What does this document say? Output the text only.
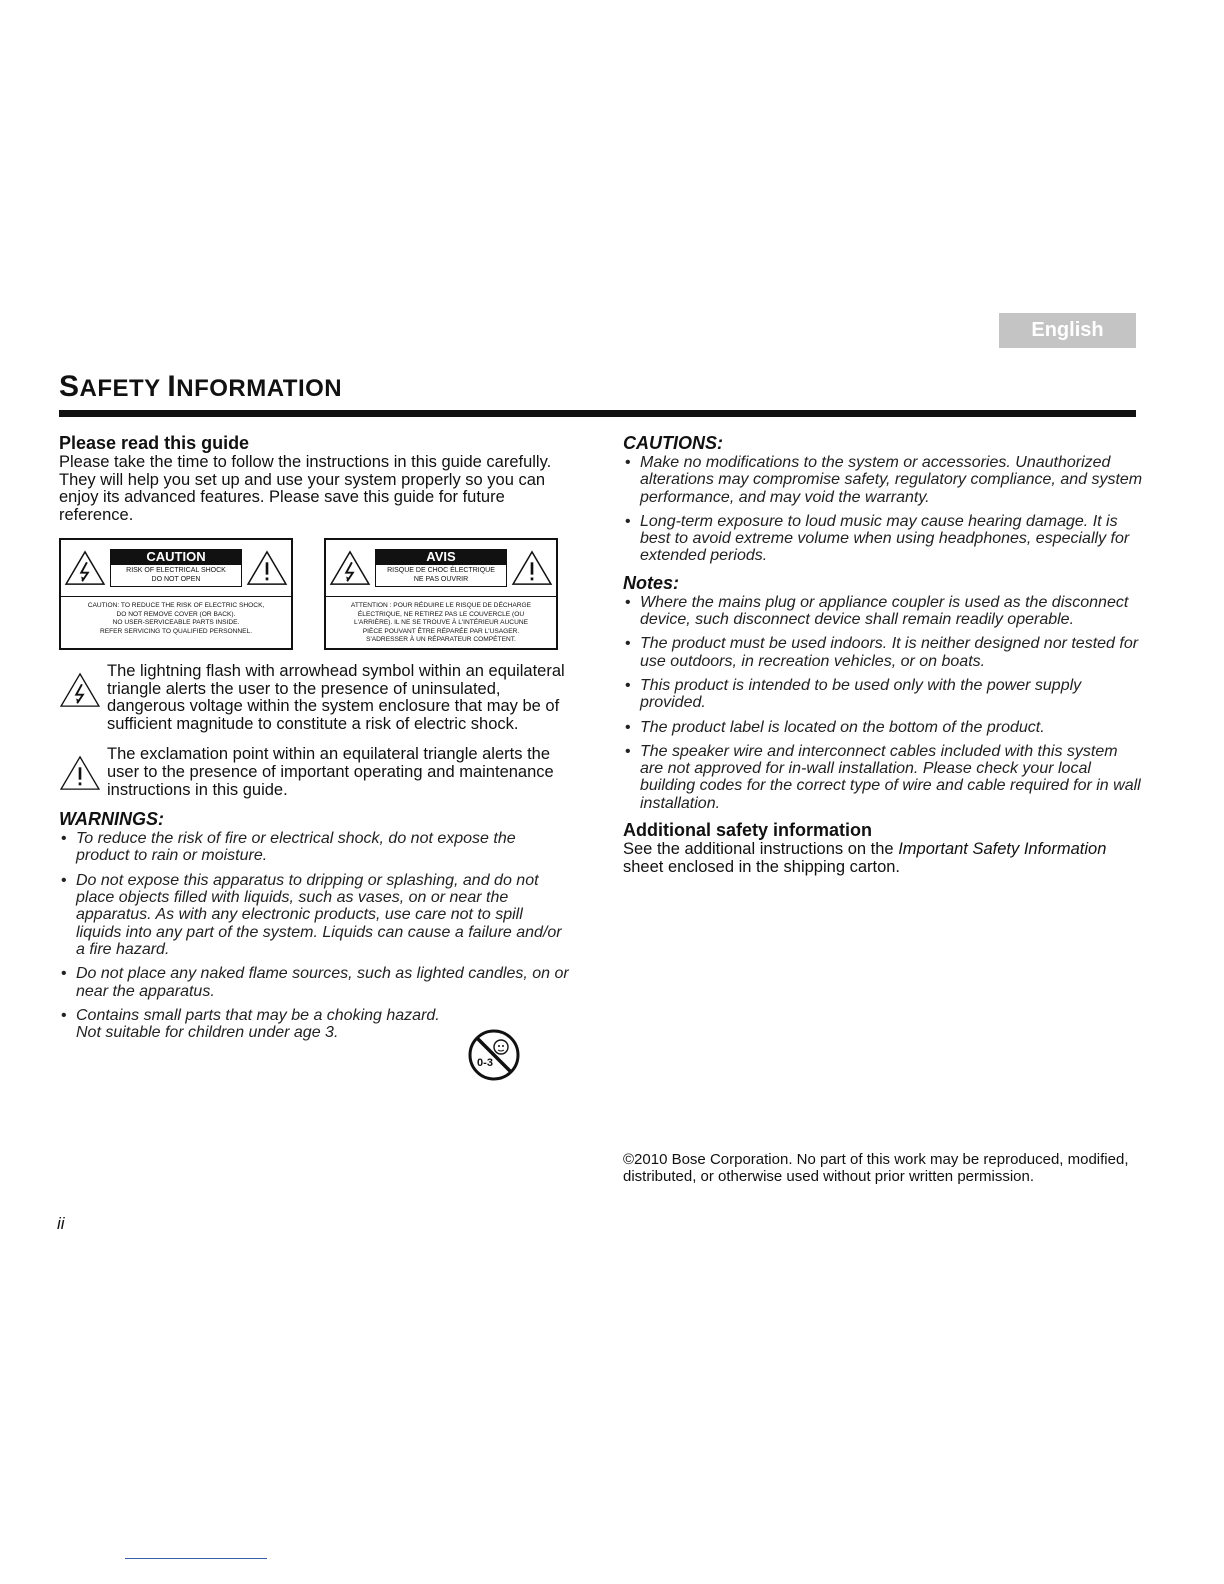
English
SAFETY INFORMATION
Please read this guide

Please take the time to follow the instructions in this guide carefully. They will help you set up and use your system properly so you can enjoy its advanced features. Please save this guide for future reference.

CAUTION
RISK OF ELECTRICAL SHOCK
DO NOT OPEN
CAUTION: TO REDUCE THE RISK OF ELECTRIC SHOCK,
DO NOT REMOVE COVER (OR BACK).
NO USER-SERVICEABLE PARTS INSIDE.
REFER SERVICING TO QUALIFIED PERSONNEL.
AVIS
RISQUE DE CHOC ÉLECTRIQUE
NE PAS OUVRIR
ATTENTION : POUR RÉDUIRE LE RISQUE DE DÉCHARGE
ÉLECTRIQUE, NE RETIREZ PAS LE COUVERCLE (OU
L'ARRIÈRE). IL NE SE TROUVE À L'INTÉRIEUR AUCUNE
PIÈCE POUVANT ÊTRE RÉPARÉE PAR L'USAGER.
S'ADRESSER À UN RÉPARATEUR COMPÉTENT.

The lightning flash with arrowhead symbol within an equilateral triangle alerts the user to the presence of uninsulated, dangerous voltage within the system enclosure that may be of sufficient magnitude to constitute a risk of electric shock.

The exclamation point within an equilateral triangle alerts the user to the presence of important operating and maintenance instructions in this guide.

WARNINGS:
• To reduce the risk of fire or electrical shock, do not expose the product to rain or moisture.
• Do not expose this apparatus to dripping or splashing, and do not place objects filled with liquids, such as vases, on or near the apparatus. As with any electronic products, use care not to spill liquids into any part of the system. Liquids can cause a failure and/or a fire hazard.
• Do not place any naked flame sources, such as lighted candles, on or near the apparatus.
• Contains small parts that may be a choking hazard. Not suitable for children under age 3.
0-3
CAUTIONS:
• Make no modifications to the system or accessories. Unauthorized alterations may compromise safety, regulatory compliance, and system performance, and may void the warranty.
• Long-term exposure to loud music may cause hearing damage. It is best to avoid extreme volume when using headphones, especially for extended periods.
Notes:
• Where the mains plug or appliance coupler is used as the disconnect device, such disconnect device shall remain readily operable.
• The product must be used indoors. It is neither designed nor tested for use outdoors, in recreation vehicles, or on boats.
• This product is intended to be used only with the power supply provided.
• The product label is located on the bottom of the product.
• The speaker wire and interconnect cables included with this system are not approved for in-wall installation. Please check your local building codes for the correct type of wire and cable required for in wall installation.
Additional safety information

See the additional instructions on the Important Safety Information sheet enclosed in the shipping carton.

©2010 Bose Corporation. No part of this work may be reproduced, modified, distributed, or otherwise used without prior written permission.

ii
